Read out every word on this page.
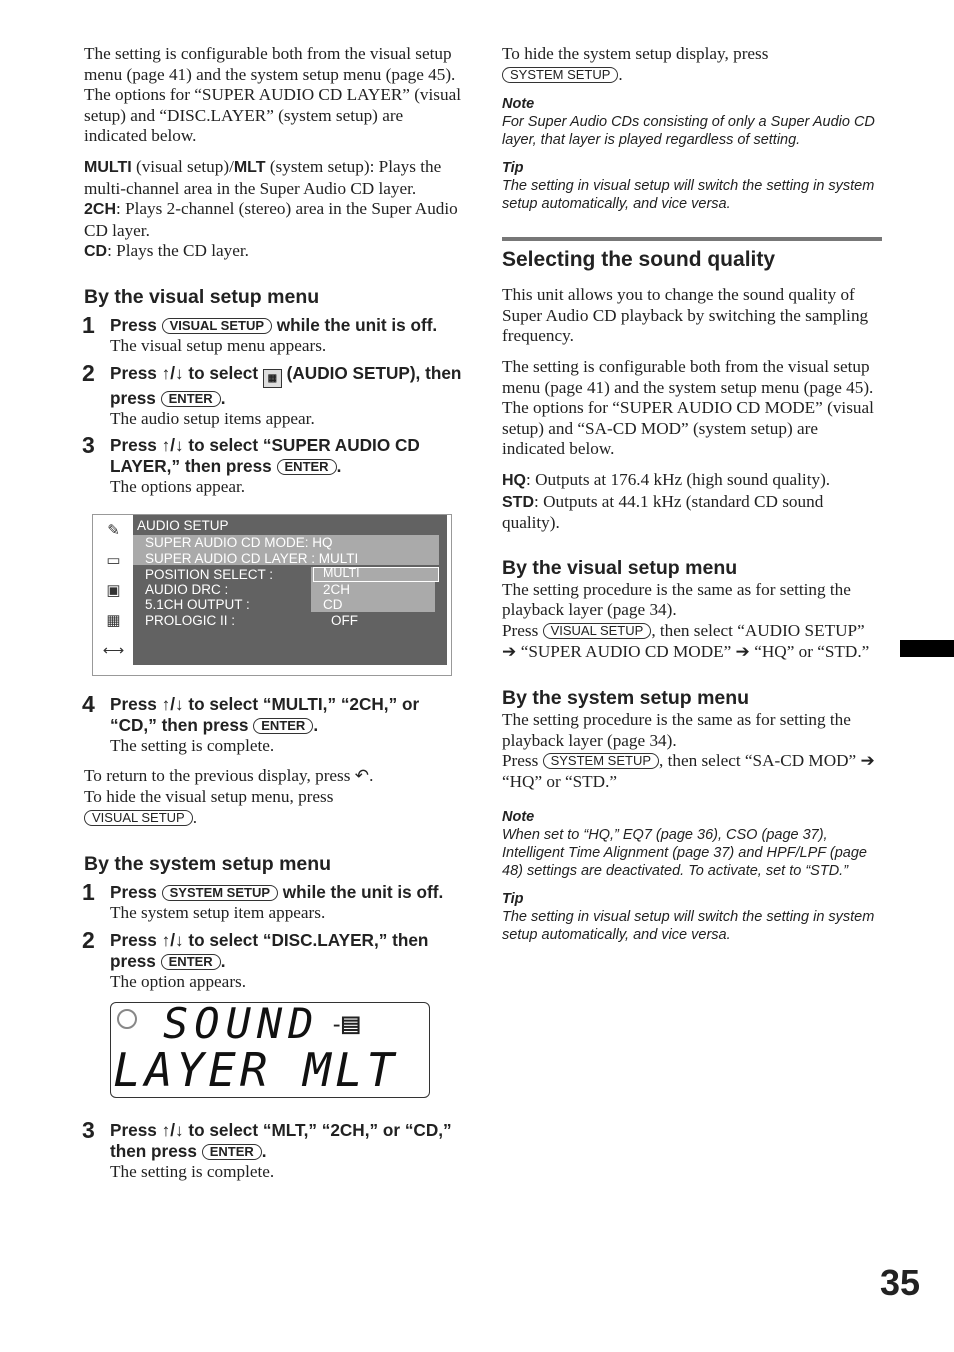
The setting is configurable both from the visual setup menu (page 41) and the system setup menu (page 45).

The options for “SUPER AUDIO CD LAYER” (visual setup) and “DISC.LAYER” (system setup) are indicated below.

MULTI (visual setup)/MLT (system setup): Plays the multi-channel area in the Super Audio CD layer.

2CH: Plays 2-channel (stereo) area in the Super Audio CD layer.

CD: Plays the CD layer.

By the visual setup menu
1 Press VISUAL SETUP while the unit is off.

The visual setup menu appears.

2 Press ↑/↓ to select ▦ (AUDIO SETUP), then press ENTER .

The audio setup items appear.

3 Press ↑/↓ to select “SUPER AUDIO CD LAYER,” then press ENTER .

The options appear.

✎
▭
▣
▦
⟷
AUDIO SETUP
SUPER AUDIO CD MODE: HQ
SUPER AUDIO CD LAYER : MULTI
POSITION SELECT :
AUDIO DRC :
5.1CH OUTPUT :
PROLOGIC II :
MULTI
2CH
CD
OFF
4 Press ↑/↓ to select “MULTI,” “2CH,” or “CD,” then press ENTER .

The setting is complete.

To return to the previous display, press ↶.

To hide the visual setup menu, press

VISUAL SETUP .

By the system setup menu
1 Press SYSTEM SETUP while the unit is off.

The system setup item appears.

2 Press ↑/↓ to select “DISC.LAYER,” then press ENTER .

The option appears.

SOUND -▤
LAYER MLT
3 Press ↑/↓ to select “MLT,” “2CH,” or “CD,” then press ENTER .

The setting is complete.

To hide the system setup display, press

SYSTEM SETUP .

Note
For Super Audio CDs consisting of only a Super Audio CD layer, that layer is played regardless of setting.
Tip
The setting in visual setup will switch the setting in system setup automatically, and vice versa.
Selecting the sound quality

This unit allows you to change the sound quality of Super Audio CD playback by switching the sampling frequency.

The setting is configurable both from the visual setup menu (page 41) and the system setup menu (page 45).

The options for “SUPER AUDIO CD MODE” (visual setup) and “SA-CD MOD” (system setup) are indicated below.

HQ: Outputs at 176.4 kHz (high sound quality).

STD: Outputs at 44.1 kHz (standard CD sound quality).

By the visual setup menu

The setting procedure is the same as for setting the playback layer (page 34).

Press VISUAL SETUP , then select “AUDIO SETUP” ➔ “SUPER AUDIO CD MODE” ➔ “HQ” or “STD.”

By the system setup menu

The setting procedure is the same as for setting the playback layer (page 34).

Press SYSTEM SETUP , then select “SA-CD MOD” ➔ “HQ” or “STD.”

Note
When set to “HQ,” EQ7 (page 36), CSO (page 37), Intelligent Time Alignment (page 37) and HPF/LPF (page 48) settings are deactivated. To activate, set to “STD.”
Tip
The setting in visual setup will switch the setting in system setup automatically, and vice versa.
35
